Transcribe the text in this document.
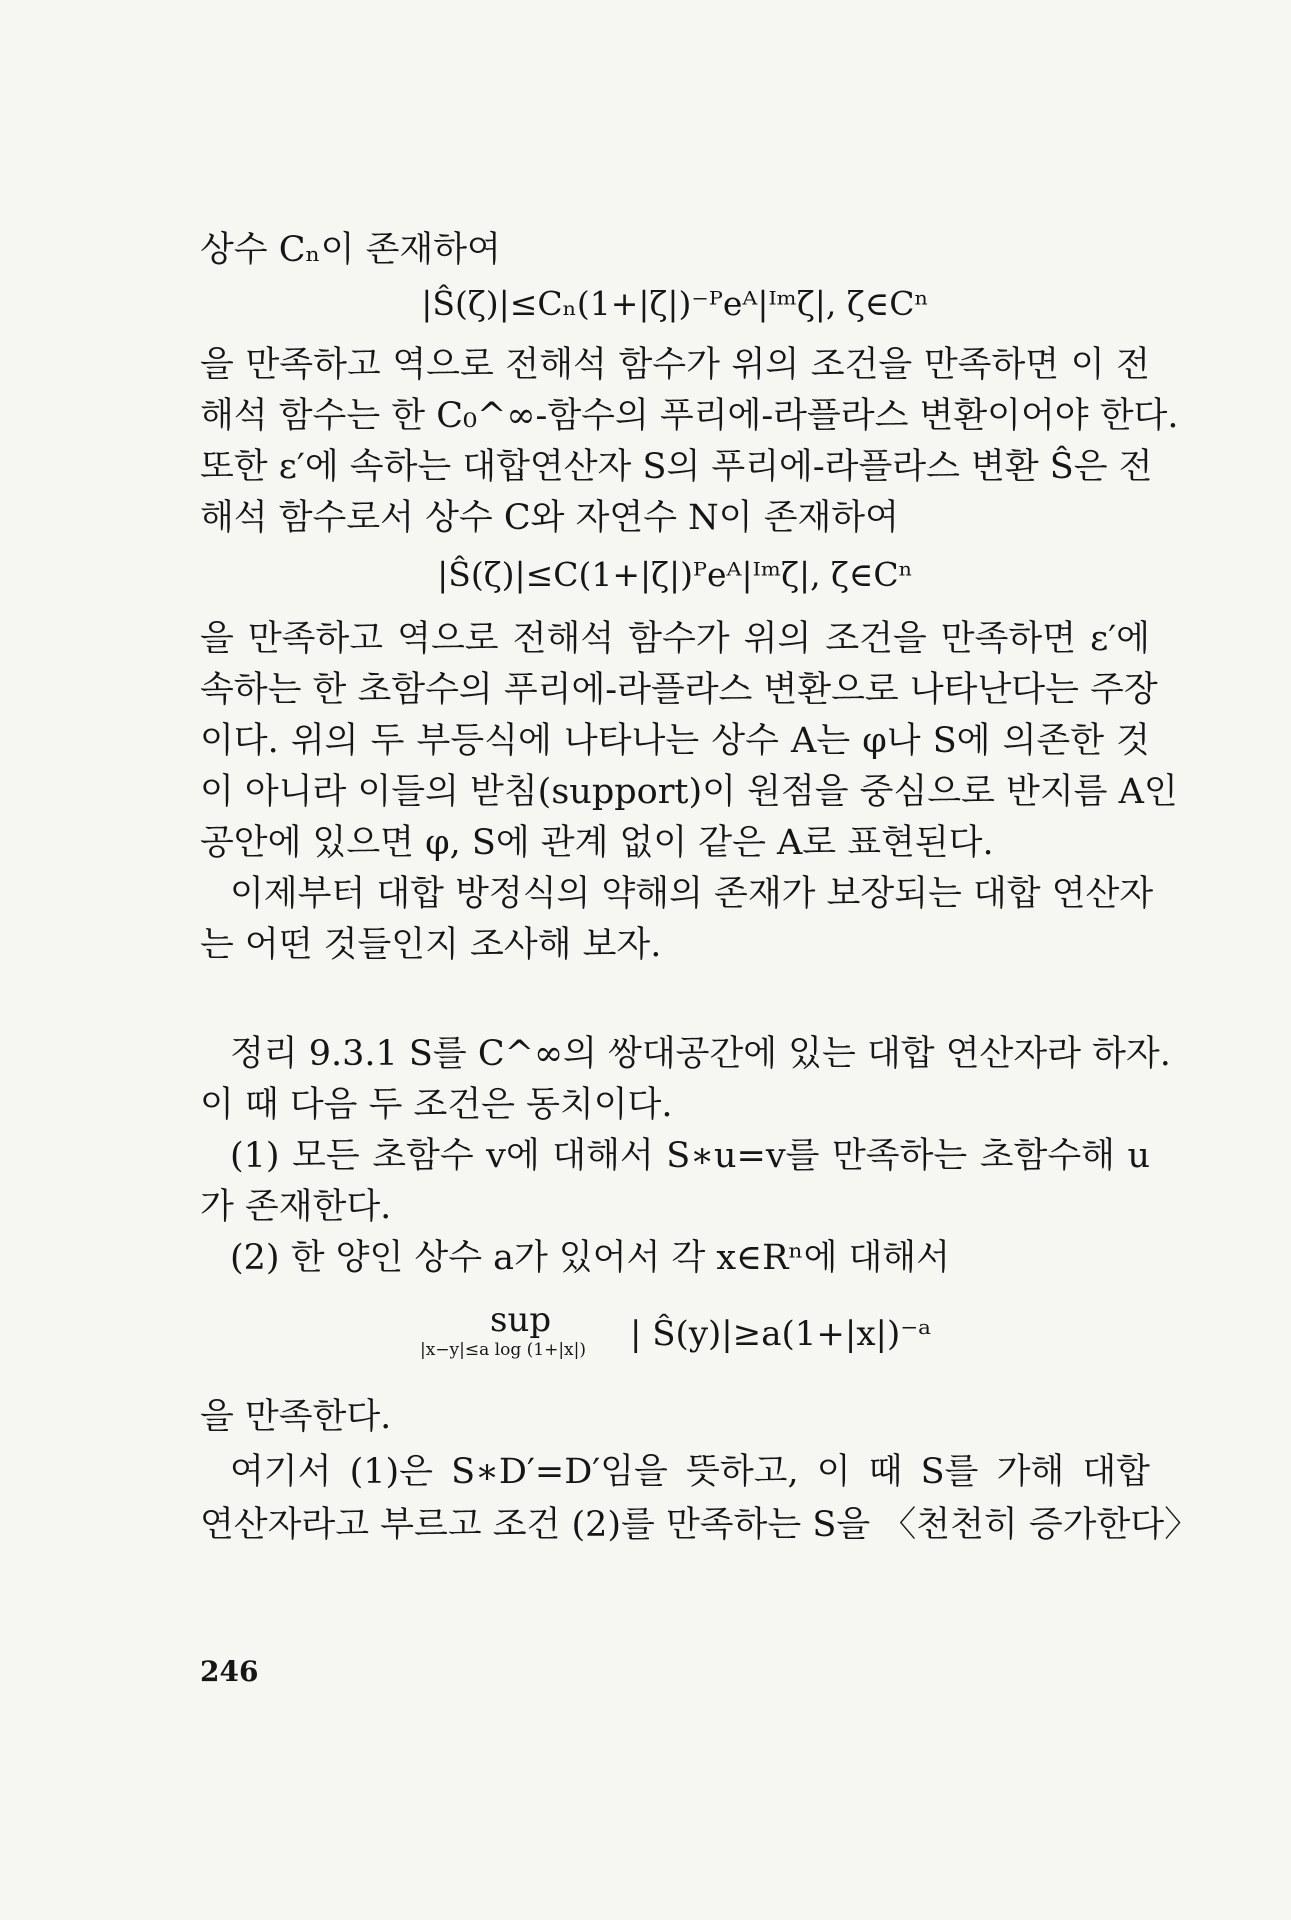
상수 Cₙ이 존재하여
|Ŝ(ζ)|≤Cₙ(1+|ζ|)⁻ᴾeᴬ|ᴵᵐζ|, ζ∈Cⁿ
을 만족하고 역으로 전해석 함수가 위의 조건을 만족하면 이 전
해석 함수는 한 C₀^∞-함수의 푸리에-라플라스 변환이어야 한다.
또한 ε′에 속하는 대합연산자 S의 푸리에-라플라스 변환 Ŝ은 전
해석 함수로서 상수 C와 자연수 N이 존재하여
|Ŝ(ζ)|≤C(1+|ζ|)ᴾeᴬ|ᴵᵐζ|, ζ∈Cⁿ
을 만족하고 역으로 전해석 함수가 위의 조건을 만족하면 ε′에
속하는 한 초함수의 푸리에-라플라스 변환으로 나타난다는 주장
이다. 위의 두 부등식에 나타나는 상수 A는 φ나 S에 의존한 것
이 아니라 이들의 받침(support)이 원점을 중심으로 반지름 A인
공안에 있으면 φ, S에 관계 없이 같은 A로 표현된다.
이제부터 대합 방정식의 약해의 존재가 보장되는 대합 연산자
는 어떤 것들인지 조사해 보자.
정리 9.3.1 S를 C^∞의 쌍대공간에 있는 대합 연산자라 하자.
이 때 다음 두 조건은 동치이다.
(1) 모든 초함수 v에 대해서 S∗u=v를 만족하는 초함수해 u
가 존재한다.
(2) 한 양인 상수 a가 있어서 각 x∈Rⁿ에 대해서
sup
|x−y|≤a log (1+|x|) | Ŝ(y)|≥a(1+|x|)⁻ᵃ
을 만족한다.
여기서 (1)은 S∗D′=D′임을 뜻하고, 이 때 S를 가해 대합
연산자라고 부르고 조건 (2)를 만족하는 S을 〈천천히 증가한다〉
246
